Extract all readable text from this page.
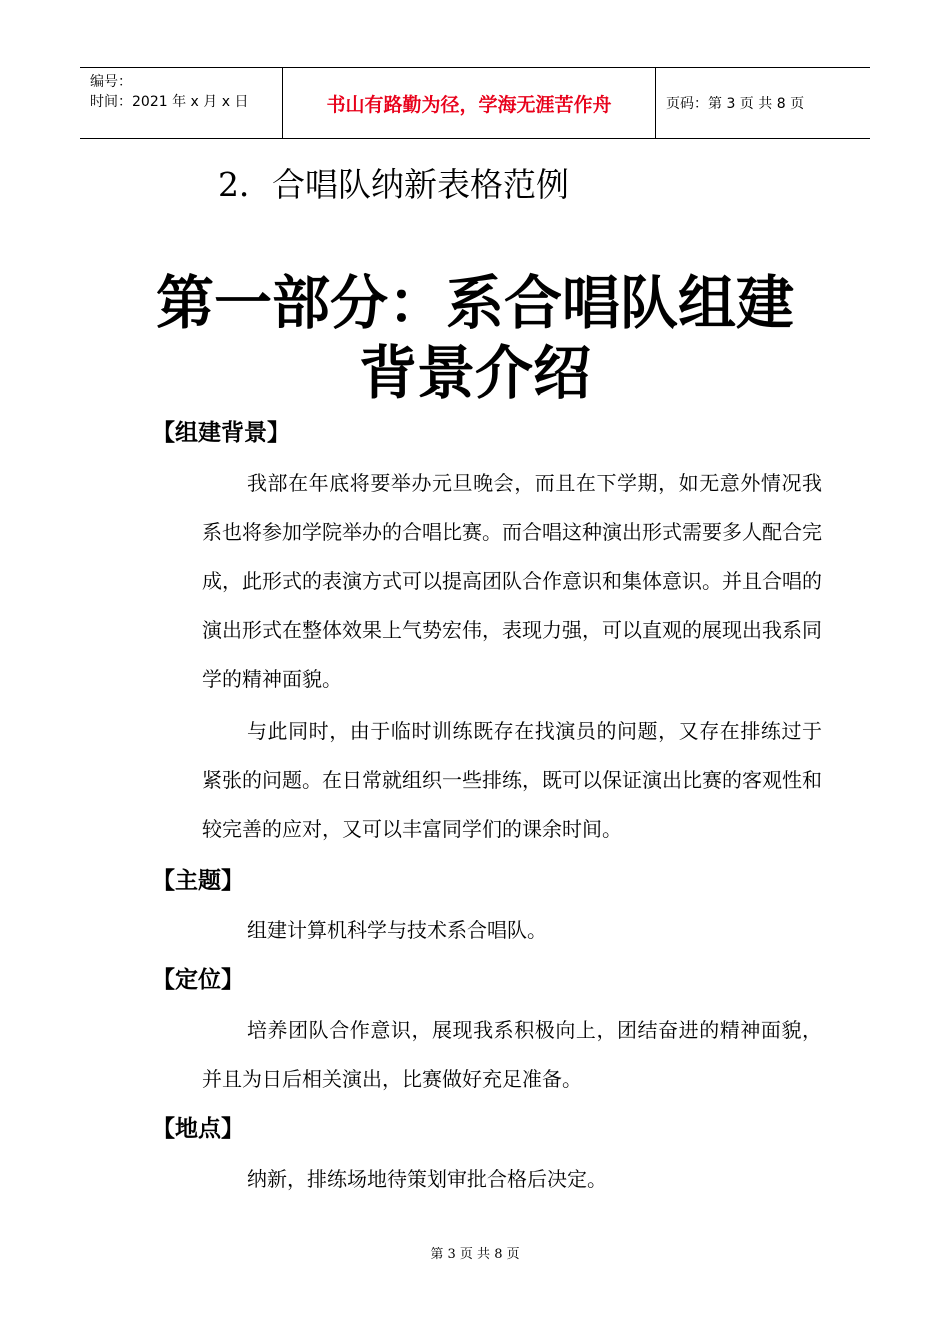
编号：
时间：2021 年 x 月 x 日	书山有路勤为径，学海无涯苦作舟	页码：第 3 页 共 8 页
2．合唱队纳新表格范例
第一部分：系合唱队组建
背景介绍
【组建背景】
我部在年底将要举办元旦晚会，而且在下学期，如无意外情况我系也将参加学院举办的合唱比赛。而合唱这种演出形式需要多人配合完成，此形式的表演方式可以提高团队合作意识和集体意识。并且合唱的演出形式在整体效果上气势宏伟，表现力强，可以直观的展现出我系同学的精神面貌。
与此同时，由于临时训练既存在找演员的问题，又存在排练过于紧张的问题。在日常就组织一些排练，既可以保证演出比赛的客观性和较完善的应对，又可以丰富同学们的课余时间。
【主题】
组建计算机科学与技术系合唱队。
【定位】
培养团队合作意识，展现我系积极向上，团结奋进的精神面貌，并且为日后相关演出，比赛做好充足准备。
【地点】
纳新，排练场地待策划审批合格后决定。
第 3 页 共 8 页
